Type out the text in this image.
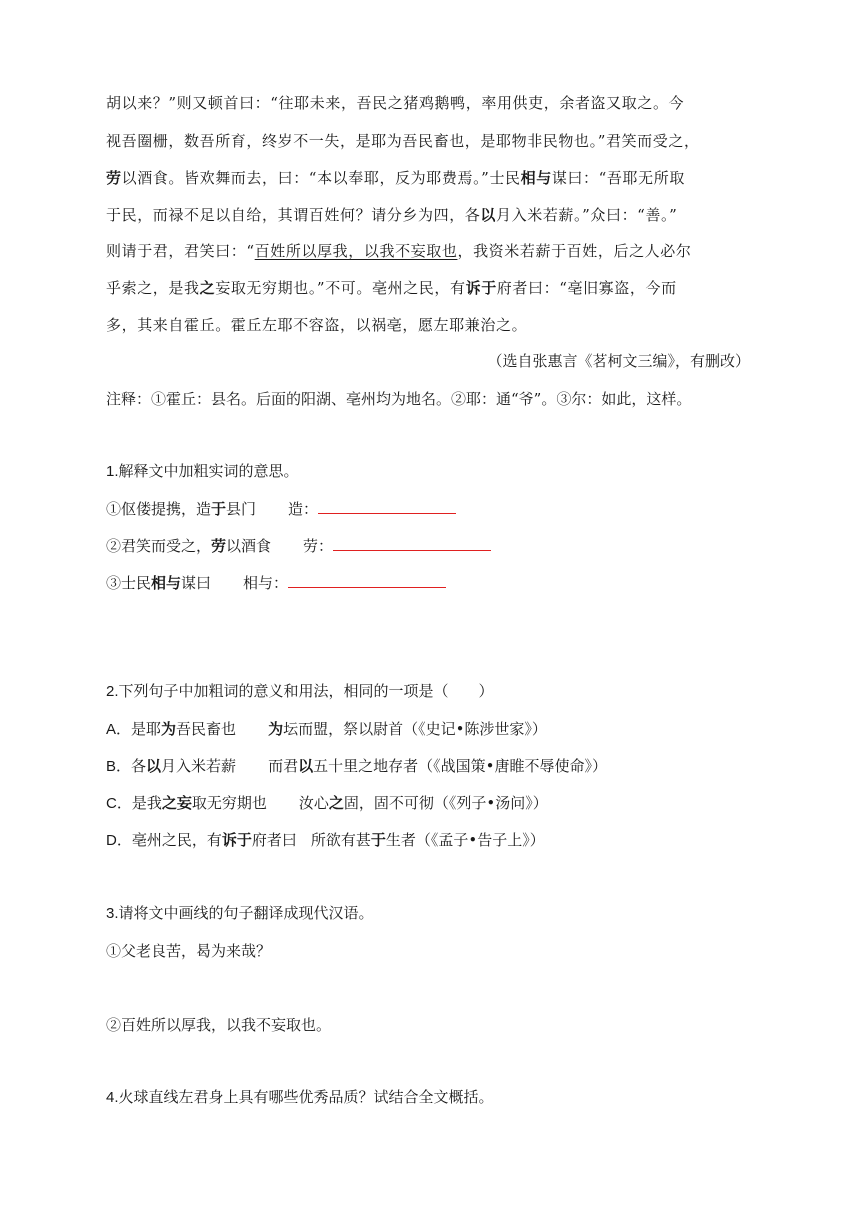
胡以来？”则又顿首曰：“往耶未来，吾民之猪鸡鹅鸭，率用供吏，余者盗又取之。今
视吾圈栅，数吾所育，终岁不一失，是耶为吾民畜也，是耶物非民物也。”君笑而受之，
劳以酒食。皆欢舞而去，曰：“本以奉耶，反为耶费焉。”士民相与谋曰：“吾耶无所取
于民，而禄不足以自给，其谓百姓何？请分乡为四，各以月入米若薪。”众曰：“善。”
则请于君，君笑曰：“百姓所以厚我，以我不妄取也，我资米若薪于百姓，后之人必尔
乎索之，是我之妄取无穷期也。”不可。亳州之民，有诉于府者曰：“亳旧寡盗，今而
多，其来自霍丘。霍丘左耶不容盗，以祸亳，愿左耶兼治之。
（选自张惠言《茗柯文三编》，有删改）
注释：①霍丘：县名。后面的阳湖、亳州均为地名。②耶：通“爷”。③尔：如此，这样。
1.解释文中加粗实词的意思。
①伛偻提携，造于县门 造：
②君笑而受之，劳以酒食 劳：
③士民相与谋曰 相与：
2.下列句子中加粗词的意义和用法，相同的一项是（　　）
A．是耶为吾民畜也 为坛而盟，祭以尉首（《史记•陈涉世家》）
B．各以月入米若薪 而君以五十里之地存者（《战国策•唐睢不辱使命》）
C．是我之妄取无穷期也 汝心之固，固不可彻（《列子•汤问》）
D．亳州之民，有诉于府者曰 所欲有甚于生者（《孟子•告子上》）
3.请将文中画线的句子翻译成现代汉语。
①父老良苦，曷为来哉？
②百姓所以厚我，以我不妄取也。
4.火球直线左君身上具有哪些优秀品质？试结合全文概括。
